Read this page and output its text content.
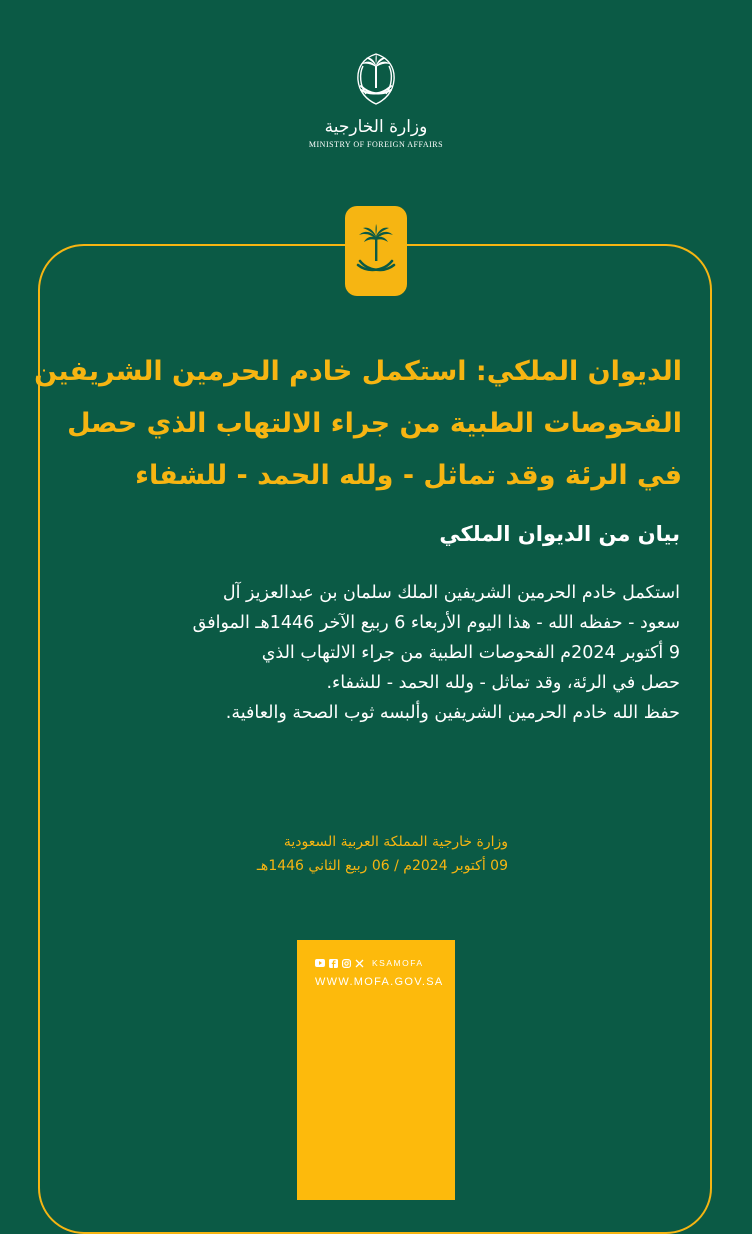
وزارة الخارجية
MINISTRY OF FOREIGN AFFAIRS
الديوان الملكي: استكمل خادم الحرمين الشريفين
الفحوصات الطبية من جراء الالتهاب الذي حصل
في الرئة وقد تماثل - ولله الحمد - للشفاء
بيان من الديوان الملكي
استكمل خادم الحرمين الشريفين الملك سلمان بن عبدالعزيز آل
سعود - حفظه الله - هذا اليوم الأربعاء 6 ربيع الآخر 1446هـ الموافق
9 أكتوبر 2024م الفحوصات الطبية من جراء الالتهاب الذي
حصل في الرئة، وقد تماثل - ولله الحمد - للشفاء.
حفظ الله خادم الحرمين الشريفين وألبسه ثوب الصحة والعافية.
وزارة خارجية المملكة العربية السعودية
09 أكتوبر 2024م / 06 ربيع الثاني 1446هـ
KSAMOFA
WWW.MOFA.GOV.SA
